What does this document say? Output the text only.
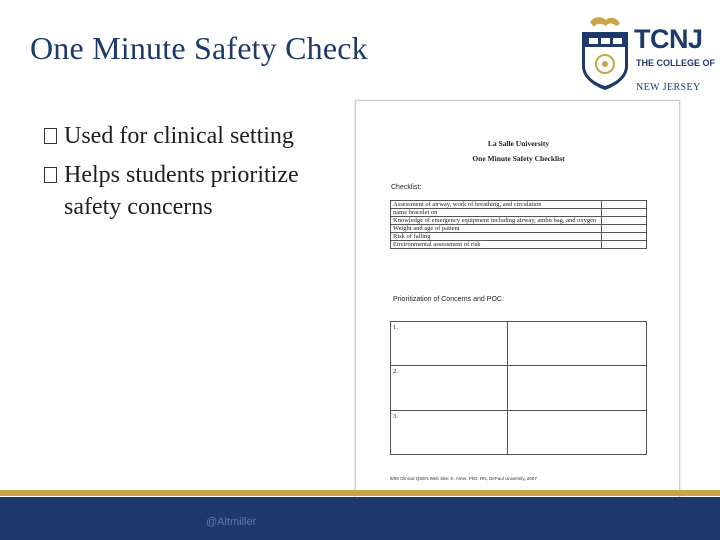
One Minute Safety Check	TCNJ
THE COLLEGE OF
NEW JERSEY
Used for clinical setting
Helps students prioritize safety concerns
La Salle University
One Minute Safety Checklist
Checklist:
Assessment of airway, work of breathing, and circulation	
name bracelet on	
Knowledge of emergency equipment including airway, ambu bag, and oxygen	
Weight and age of patient	
Risk of falling	
Environmental assessment of risk	
Prioritization of Concerns and POC:
1.	
2.	
3.	
8/08 Clinical QSEN Web Site: K. Amer, PhD, RN, DePaul University, 2007
@Altmiller
